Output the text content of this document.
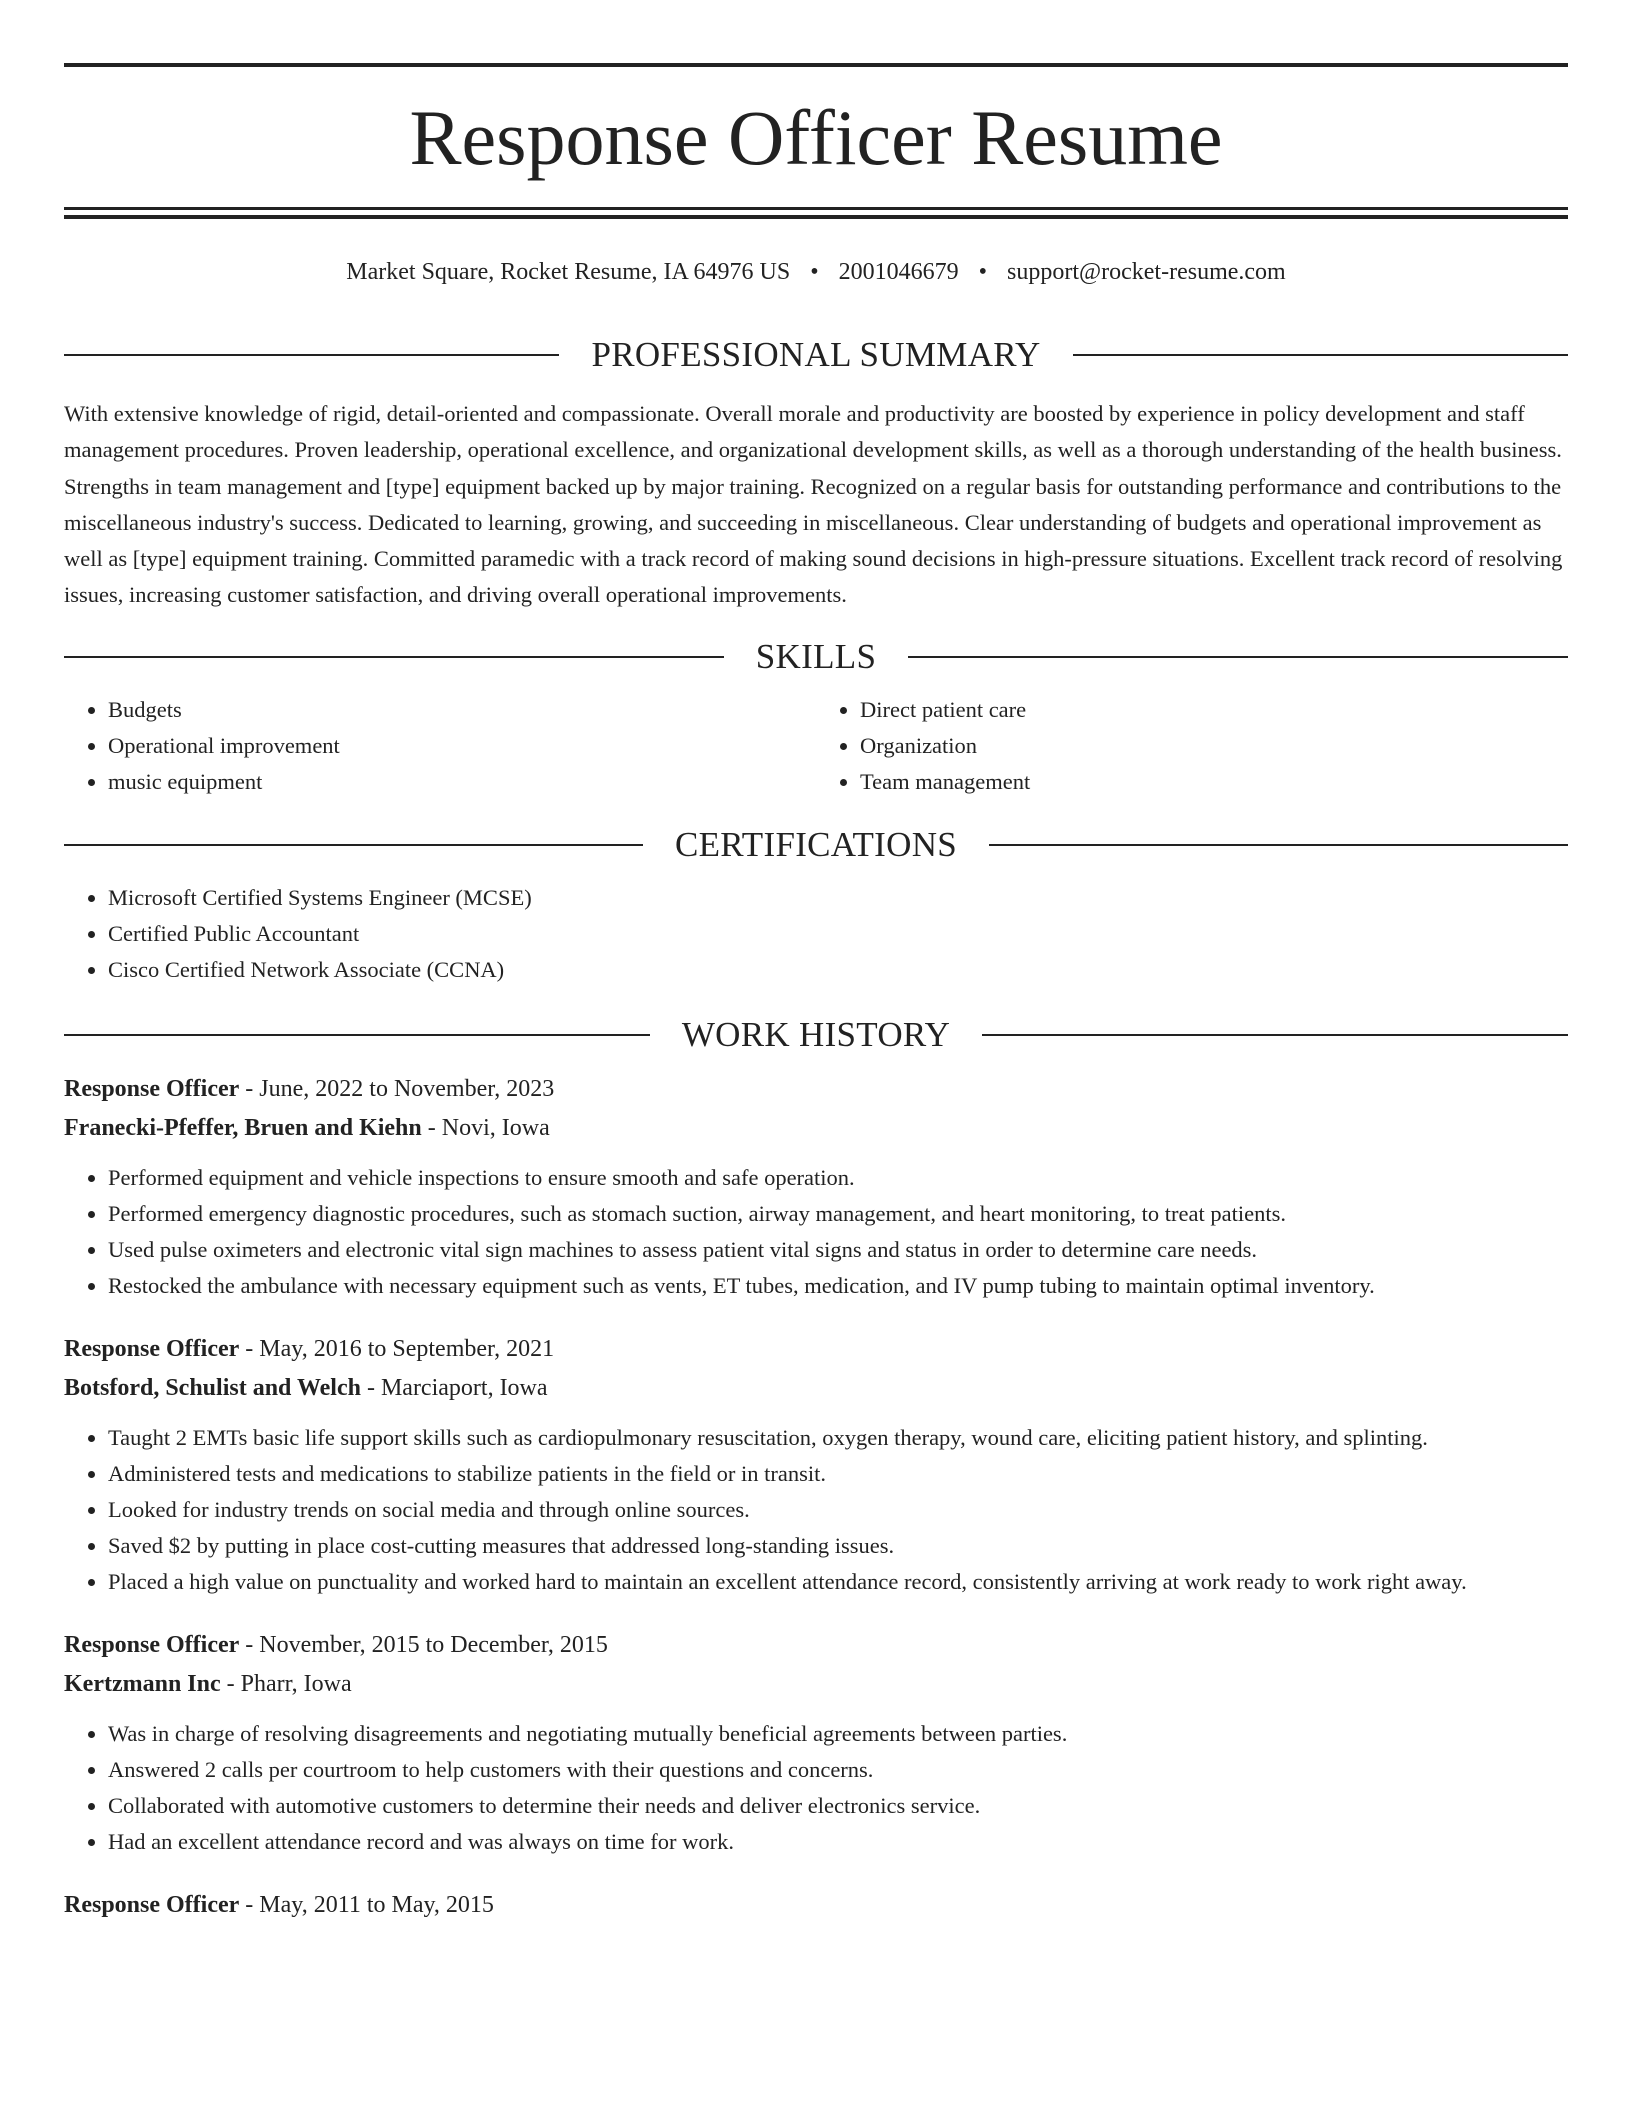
Response Officer Resume
Market Square, Rocket Resume, IA 64976 US • 2001046679 • support@rocket-resume.com
PROFESSIONAL SUMMARY

With extensive knowledge of rigid, detail-oriented and compassionate. Overall morale and productivity are boosted by experience in policy development and staff management procedures. Proven leadership, operational excellence, and organizational development skills, as well as a thorough understanding of the health business. Strengths in team management and [type] equipment backed up by major training. Recognized on a regular basis for outstanding performance and contributions to the miscellaneous industry's success. Dedicated to learning, growing, and succeeding in miscellaneous. Clear understanding of budgets and operational improvement as well as [type] equipment training. Committed paramedic with a track record of making sound decisions in high-pressure situations. Excellent track record of resolving issues, increasing customer satisfaction, and driving overall operational improvements.

SKILLS
• Budgets
• Operational improvement
• music equipment
• Direct patient care
• Organization
• Team management
CERTIFICATIONS
• Microsoft Certified Systems Engineer (MCSE)
• Certified Public Accountant
• Cisco Certified Network Associate (CCNA)
WORK HISTORY
Response Officer - June, 2022 to November, 2023
Franecki-Pfeffer, Bruen and Kiehn - Novi, Iowa
• Performed equipment and vehicle inspections to ensure smooth and safe operation.
• Performed emergency diagnostic procedures, such as stomach suction, airway management, and heart monitoring, to treat patients.
• Used pulse oximeters and electronic vital sign machines to assess patient vital signs and status in order to determine care needs.
• Restocked the ambulance with necessary equipment such as vents, ET tubes, medication, and IV pump tubing to maintain optimal inventory.
Response Officer - May, 2016 to September, 2021
Botsford, Schulist and Welch - Marciaport, Iowa
• Taught 2 EMTs basic life support skills such as cardiopulmonary resuscitation, oxygen therapy, wound care, eliciting patient history, and splinting.
• Administered tests and medications to stabilize patients in the field or in transit.
• Looked for industry trends on social media and through online sources.
• Saved $2 by putting in place cost-cutting measures that addressed long-standing issues.
• Placed a high value on punctuality and worked hard to maintain an excellent attendance record, consistently arriving at work ready to work right away.
Response Officer - November, 2015 to December, 2015
Kertzmann Inc - Pharr, Iowa
• Was in charge of resolving disagreements and negotiating mutually beneficial agreements between parties.
• Answered 2 calls per courtroom to help customers with their questions and concerns.
• Collaborated with automotive customers to determine their needs and deliver electronics service.
• Had an excellent attendance record and was always on time for work.
Response Officer - May, 2011 to May, 2015
